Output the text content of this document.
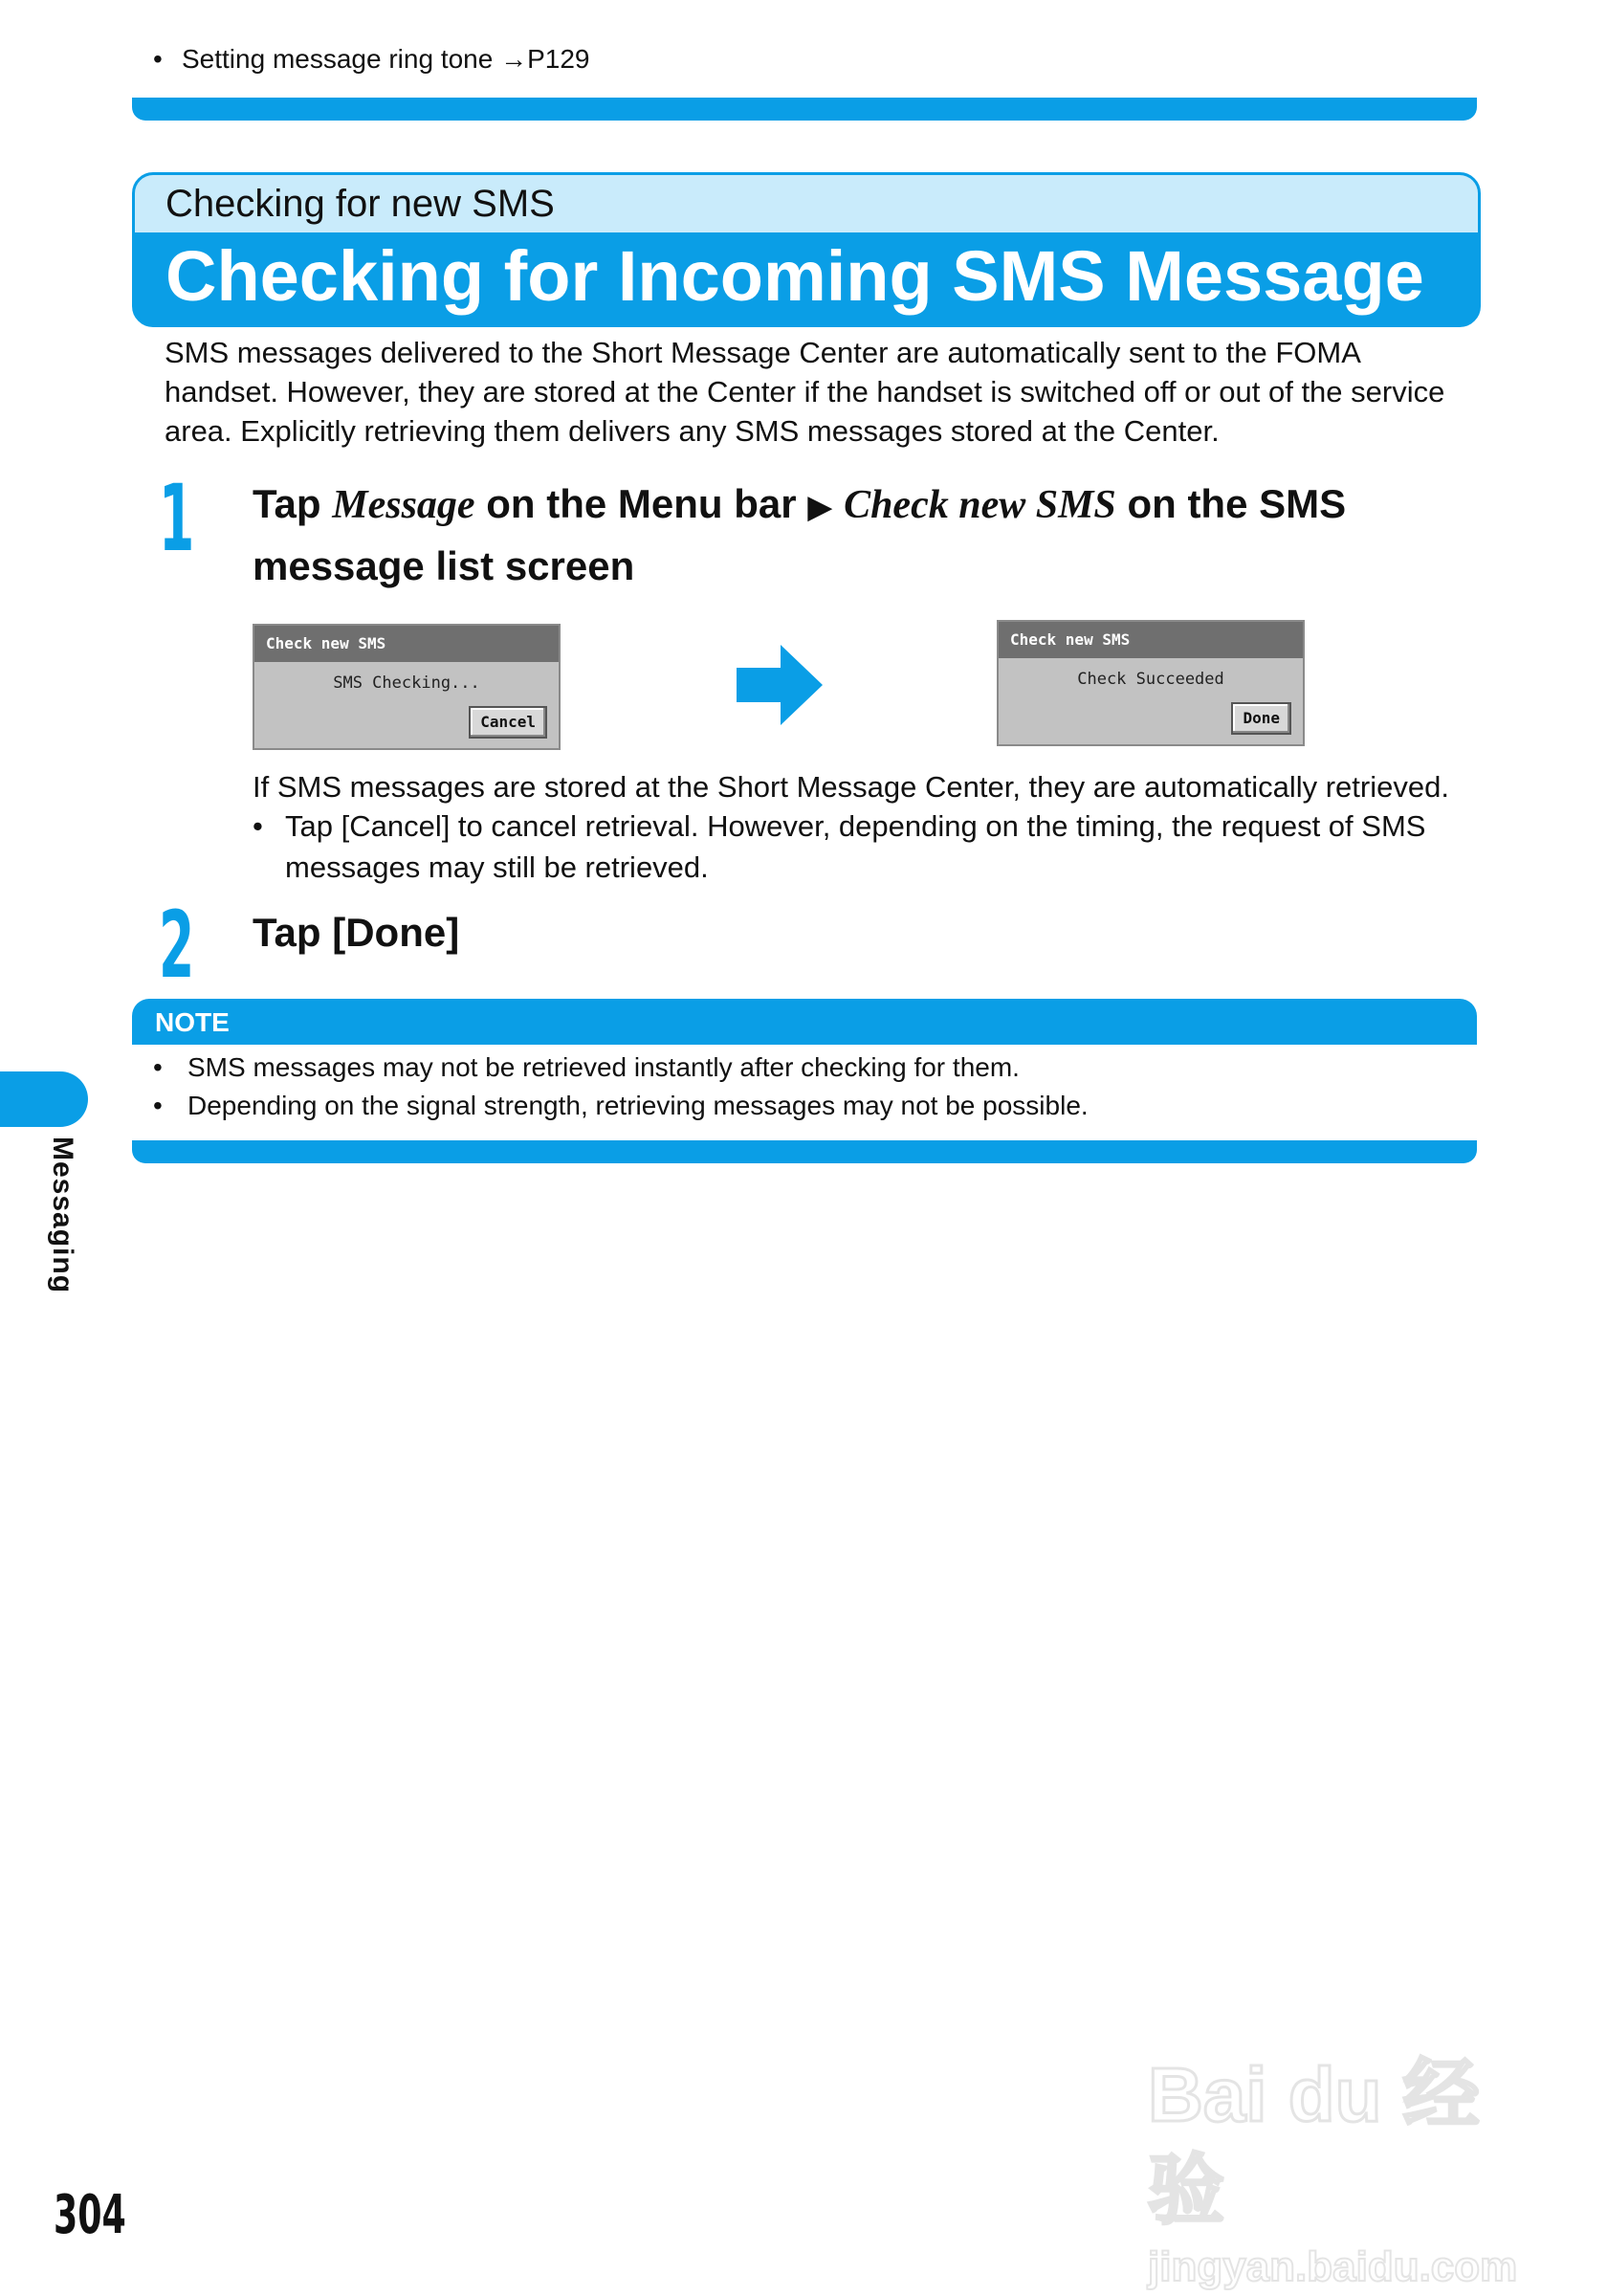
• Setting message ring tone →P129
Checking for new SMS
Checking for Incoming SMS Message
SMS messages delivered to the Short Message Center are automatically sent to the FOMA handset. However, they are stored at the Center if the handset is switched off or out of the service area. Explicitly retrieving them delivers any SMS messages stored at the Center.
1 Tap Message on the Menu bar ▶ Check new SMS on the SMS message list screen
Check new SMS
SMS Checking...
Cancel
Check new SMS
Check Succeeded
Done
If SMS messages are stored at the Short Message Center, they are automatically retrieved.
• Tap [Cancel] to cancel retrieval. However, depending on the timing, the request of SMS messages may still be retrieved.
2 Tap [Done]
NOTE
• SMS messages may not be retrieved instantly after checking for them.
• Depending on the signal strength, retrieving messages may not be possible.
Messaging
304
Bai du 经验
jingyan.baidu.com
